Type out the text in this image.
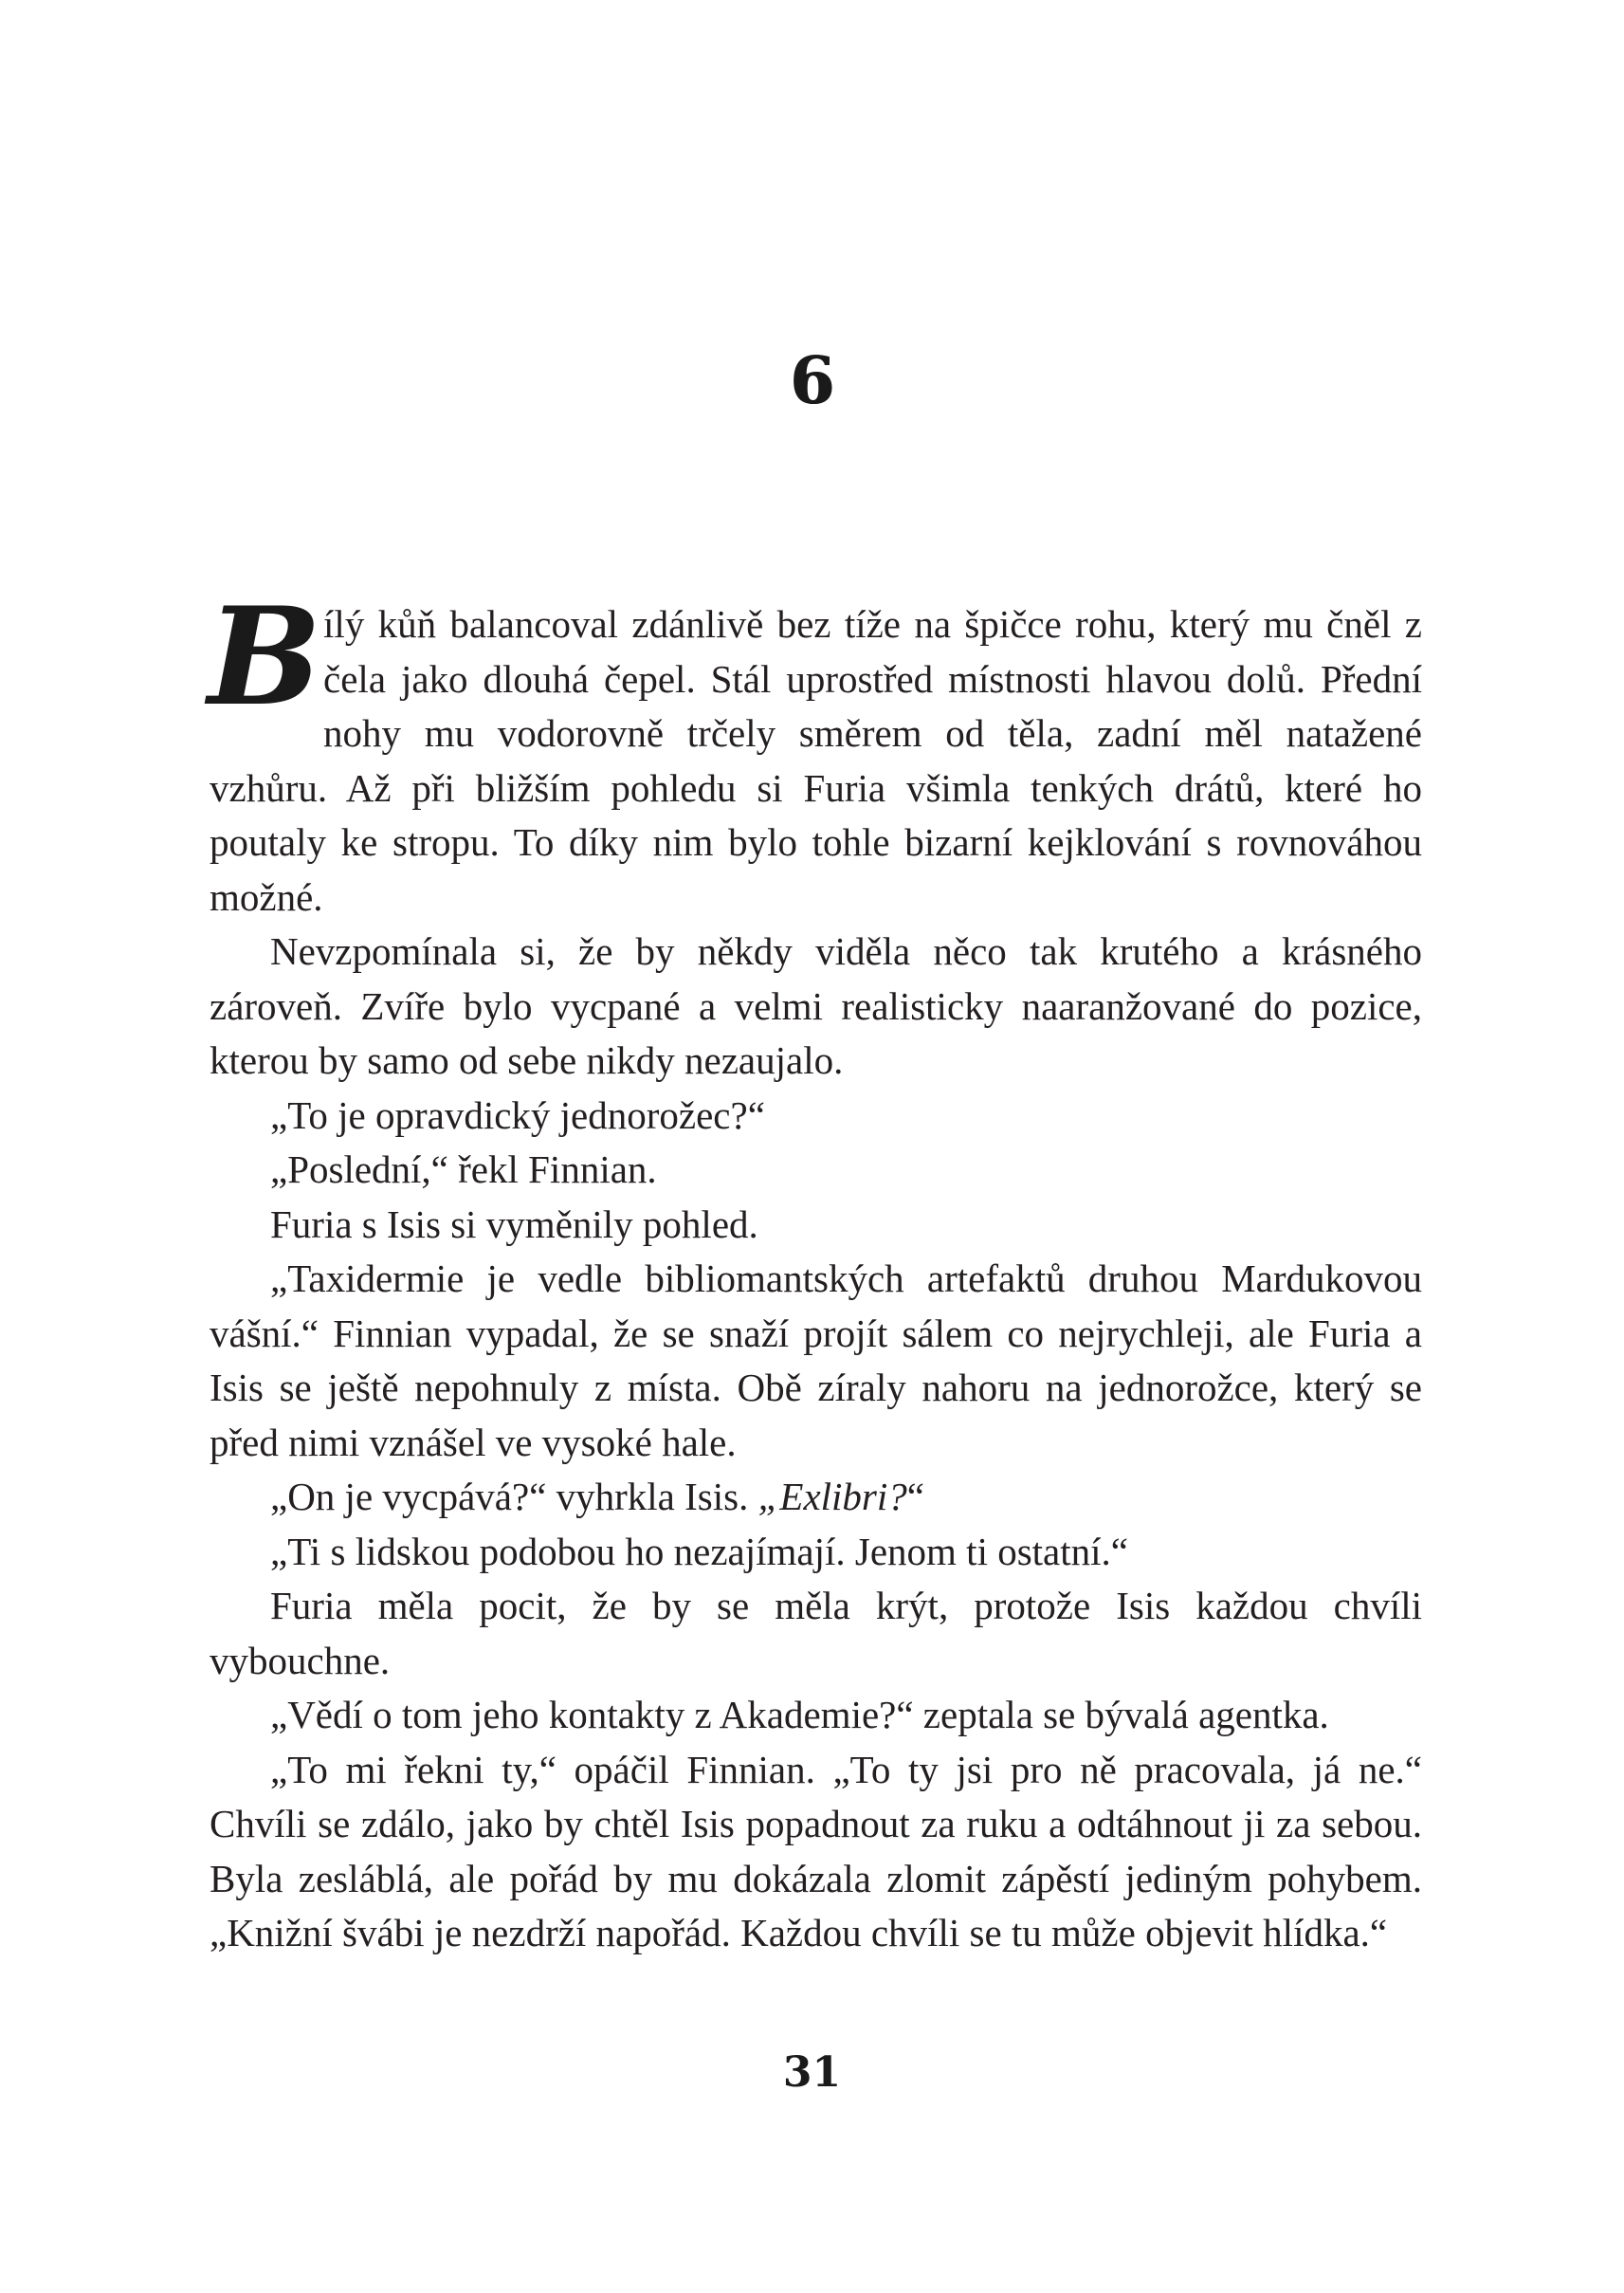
6

Bílý kůň balancoval zdánlivě bez tíže na špičce rohu, který mu čněl z čela jako dlouhá čepel. Stál uprostřed místnosti hlavou dolů. Přední nohy mu vodorovně trčely směrem od těla, zadní měl natažené vzhůru. Až při bližším pohledu si Furia všimla tenkých drátů, které ho poutaly ke stropu. To díky nim bylo tohle bizarní kejklování s rovnováhou možné.

Nevzpomínala si, že by někdy viděla něco tak krutého a krásného zároveň. Zvíře bylo vycpané a velmi realisticky naaranžované do pozice, kterou by samo od sebe nikdy nezaujalo.

„To je opravdický jednorožec?“

„Poslední,“ řekl Finnian.

Furia s Isis si vyměnily pohled.

„Taxidermie je vedle bibliomantských artefaktů druhou Mardukovou vášní.“ Finnian vypadal, že se snaží projít sálem co nejrychleji, ale Furia a Isis se ještě nepohnuly z místa. Obě zíraly nahoru na jednorožce, který se před nimi vznášel ve vysoké hale.

„On je vycpává?“ vyhrkla Isis. „Exlibri?“

„Ti s lidskou podobou ho nezajímají. Jenom ti ostatní.“

Furia měla pocit, že by se měla krýt, protože Isis každou chvíli vybouchne.

„Vědí o tom jeho kontakty z Akademie?“ zeptala se bývalá agentka.

„To mi řekni ty,“ opáčil Finnian. „To ty jsi pro ně pracovala, já ne.“ Chvíli se zdálo, jako by chtěl Isis popadnout za ruku a odtáhnout ji za sebou. Byla zesláblá, ale pořád by mu dokázala zlomit zápěstí jediným pohybem. „Knižní švábi je nezdrží napořád. Každou chvíli se tu může objevit hlídka.“

31
